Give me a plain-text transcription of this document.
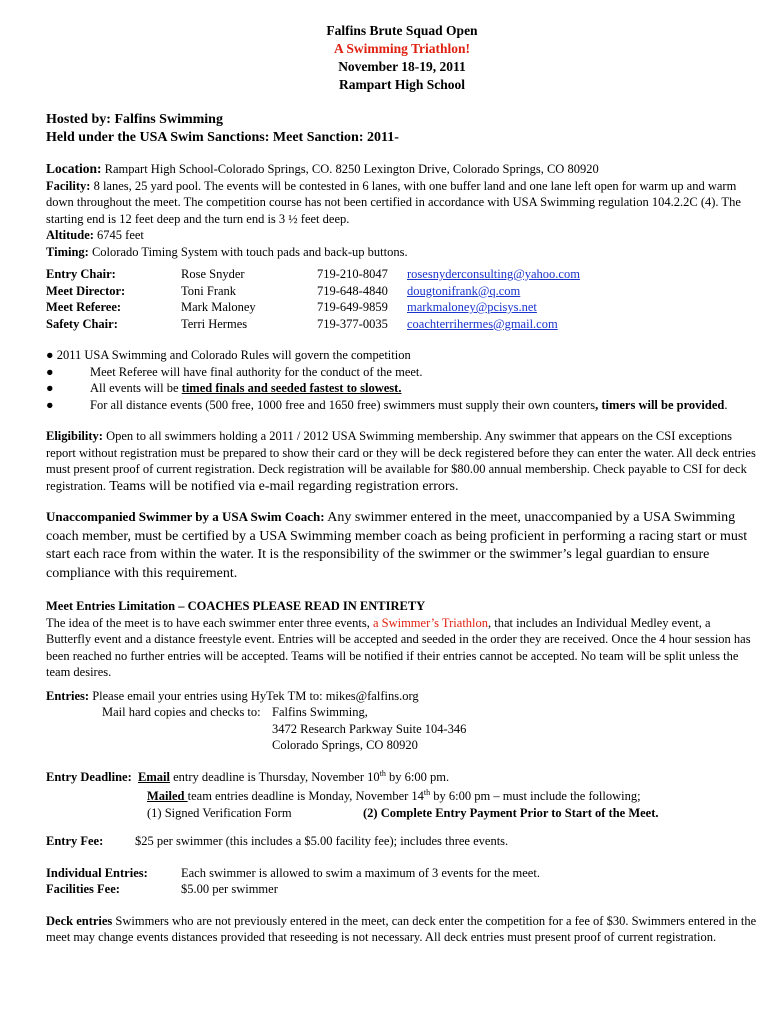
Falfins Brute Squad Open
A Swimming Triathlon!
November 18-19, 2011
Rampart High School
Hosted by: Falfins Swimming
Held under the USA Swim Sanctions: Meet Sanction: 2011-
Location: Rampart High School-Colorado Springs, CO. 8250 Lexington Drive, Colorado Springs, CO 80920
Facility: 8 lanes, 25 yard pool. The events will be contested in 6 lanes, with one buffer land and one lane left open for warm up and warm down throughout the meet. The competition course has not been certified in accordance with USA Swimming regulation 104.2.2C (4). The starting end is 12 feet deep and the turn end is 3 ½ feet deep.
Altitude: 6745 feet
Timing: Colorado Timing System with touch pads and back-up buttons.
Entry Chair:	Rose Snyder	719-210-8047	rosesnyderconsulting@yahoo.com
Meet Director:	Toni Frank	719-648-4840	dougtonifrank@q.com
Meet Referee:	Mark Maloney	719-649-9859	markmaloney@pcisys.net
Safety Chair:	Terri Hermes	719-377-0035	coachterrihermes@gmail.com
● 2011 USA Swimming and Colorado Rules will govern the competition
●	Meet Referee will have final authority for the conduct of the meet.
●	All events will be timed finals and seeded fastest to slowest.
●	For all distance events (500 free, 1000 free and 1650 free) swimmers must supply their own counters, timers will be provided.
Eligibility: Open to all swimmers holding a 2011 / 2012 USA Swimming membership. Any swimmer that appears on the CSI exceptions report without registration must be prepared to show their card or they will be deck registered before they can enter the water. All deck entries must present proof of current registration. Deck registration will be available for $80.00 annual membership. Check payable to CSI for deck registration. Teams will be notified via e-mail regarding registration errors.
Unaccompanied Swimmer by a USA Swim Coach: Any swimmer entered in the meet, unaccompanied by a USA Swimming coach member, must be certified by a USA Swimming member coach as being proficient in performing a racing start or must start each race from within the water. It is the responsibility of the swimmer or the swimmer’s legal guardian to ensure compliance with this requirement.
Meet Entries Limitation – COACHES PLEASE READ IN ENTIRETY
The idea of the meet is to have each swimmer enter three events, a Swimmer’s Triathlon, that includes an Individual Medley event, a Butterfly event and a distance freestyle event. Entries will be accepted and seeded in the order they are received. Once the 4 hour session has been reached no further entries will be accepted. Teams will be notified if their entries cannot be accepted. No team will be split unless the team desires.
Entries: Please email your entries using HyTek TM to: mikes@falfins.org
Mail hard copies and checks to: Falfins Swimming,
3472 Research Parkway Suite 104-346
Colorado Springs, CO 80920
Entry Deadline: Email entry deadline is Thursday, November 10th by 6:00 pm.
Mailed team entries deadline is Monday, November 14th by 6:00 pm – must include the following;
(1) Signed Verification Form	(2) Complete Entry Payment Prior to Start of the Meet.
Entry Fee:	$25 per swimmer (this includes a $5.00 facility fee); includes three events.
Individual Entries:	Each swimmer is allowed to swim a maximum of 3 events for the meet.
Facilities Fee:	$5.00 per swimmer
Deck entries Swimmers who are not previously entered in the meet, can deck enter the competition for a fee of $30. Swimmers entered in the meet may change events distances provided that reseeding is not necessary. All deck entries must present proof of current registration.
